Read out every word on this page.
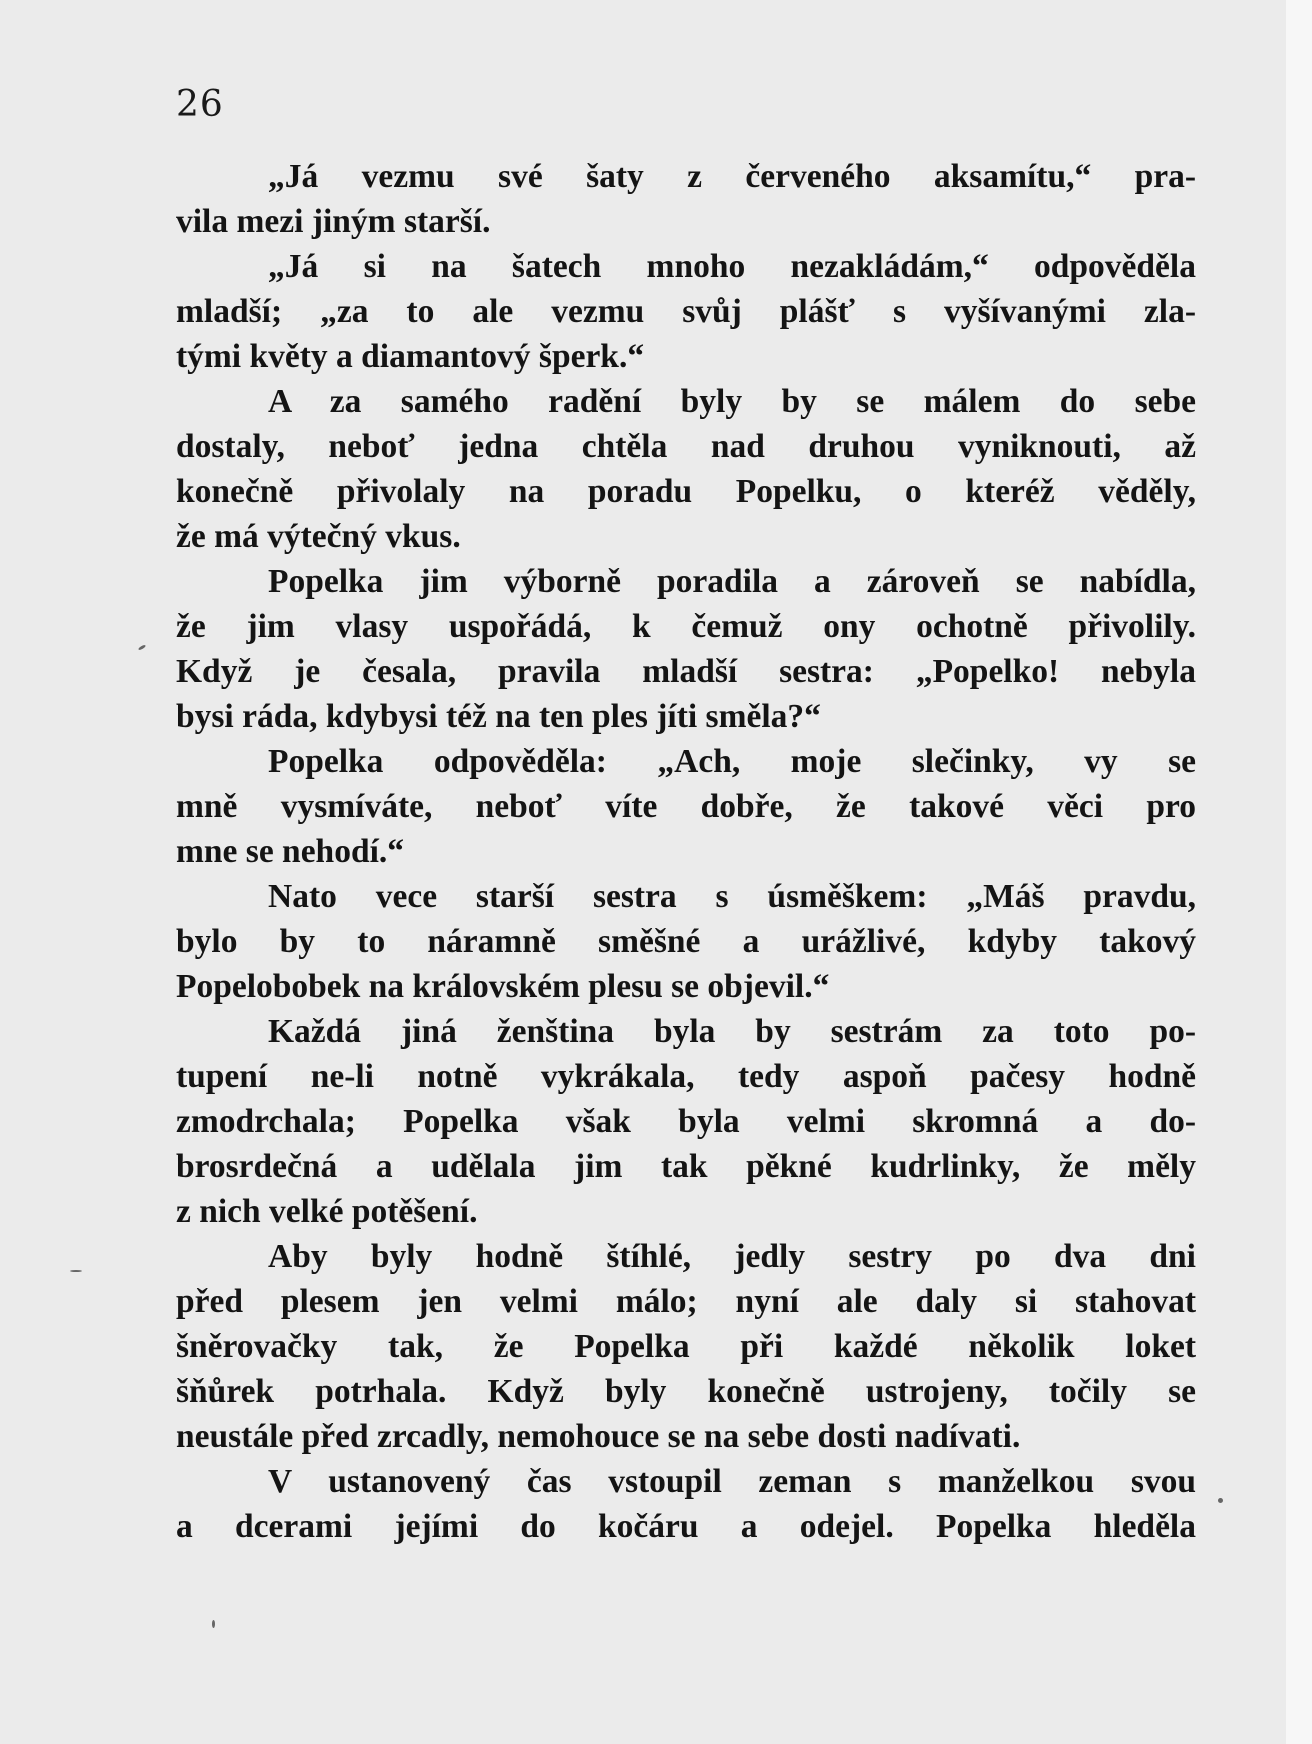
26
„Já vezmu své šaty z červeného aksamítu,“ pra-
vila mezi jiným starší.
„Já si na šatech mnoho nezakládám,“ odpověděla
mladší; „za to ale vezmu svůj plášť s vyšívanými zla-
tými květy a diamantový šperk.“
A za samého radění byly by se málem do sebe
dostaly, neboť jedna chtěla nad druhou vyniknouti, až
konečně přivolaly na poradu Popelku, o kteréž věděly,
že má výtečný vkus.
Popelka jim výborně poradila a zároveň se nabídla,
že jim vlasy uspořádá, k čemuž ony ochotně přivolily.
Když je česala, pravila mladší sestra: „Popelko! nebyla
bysi ráda, kdybysi též na ten ples jíti směla?“
Popelka odpověděla: „Ach, moje slečinky, vy se
mně vysmíváte, neboť víte dobře, že takové věci pro
mne se nehodí.“
Nato vece starší sestra s úsměškem: „Máš pravdu,
bylo by to náramně směšné a urážlivé, kdyby takový
Popelobobek na královském plesu se objevil.“
Každá jiná ženština byla by sestrám za toto po-
tupení ne-li notně vykrákala, tedy aspoň pačesy hodně
zmodrchala; Popelka však byla velmi skromná a do-
brosrdečná a udělala jim tak pěkné kudrlinky, že měly
z nich velké potěšení.
Aby byly hodně štíhlé, jedly sestry po dva dni
před plesem jen velmi málo; nyní ale daly si stahovat
šněrovačky tak, že Popelka při každé několik loket
šňůrek potrhala. Když byly konečně ustrojeny, točily se
neustále před zrcadly, nemohouce se na sebe dosti nadívati.
V ustanovený čas vstoupil zeman s manželkou svou
a dcerami jejími do kočáru a odejel. Popelka hleděla
